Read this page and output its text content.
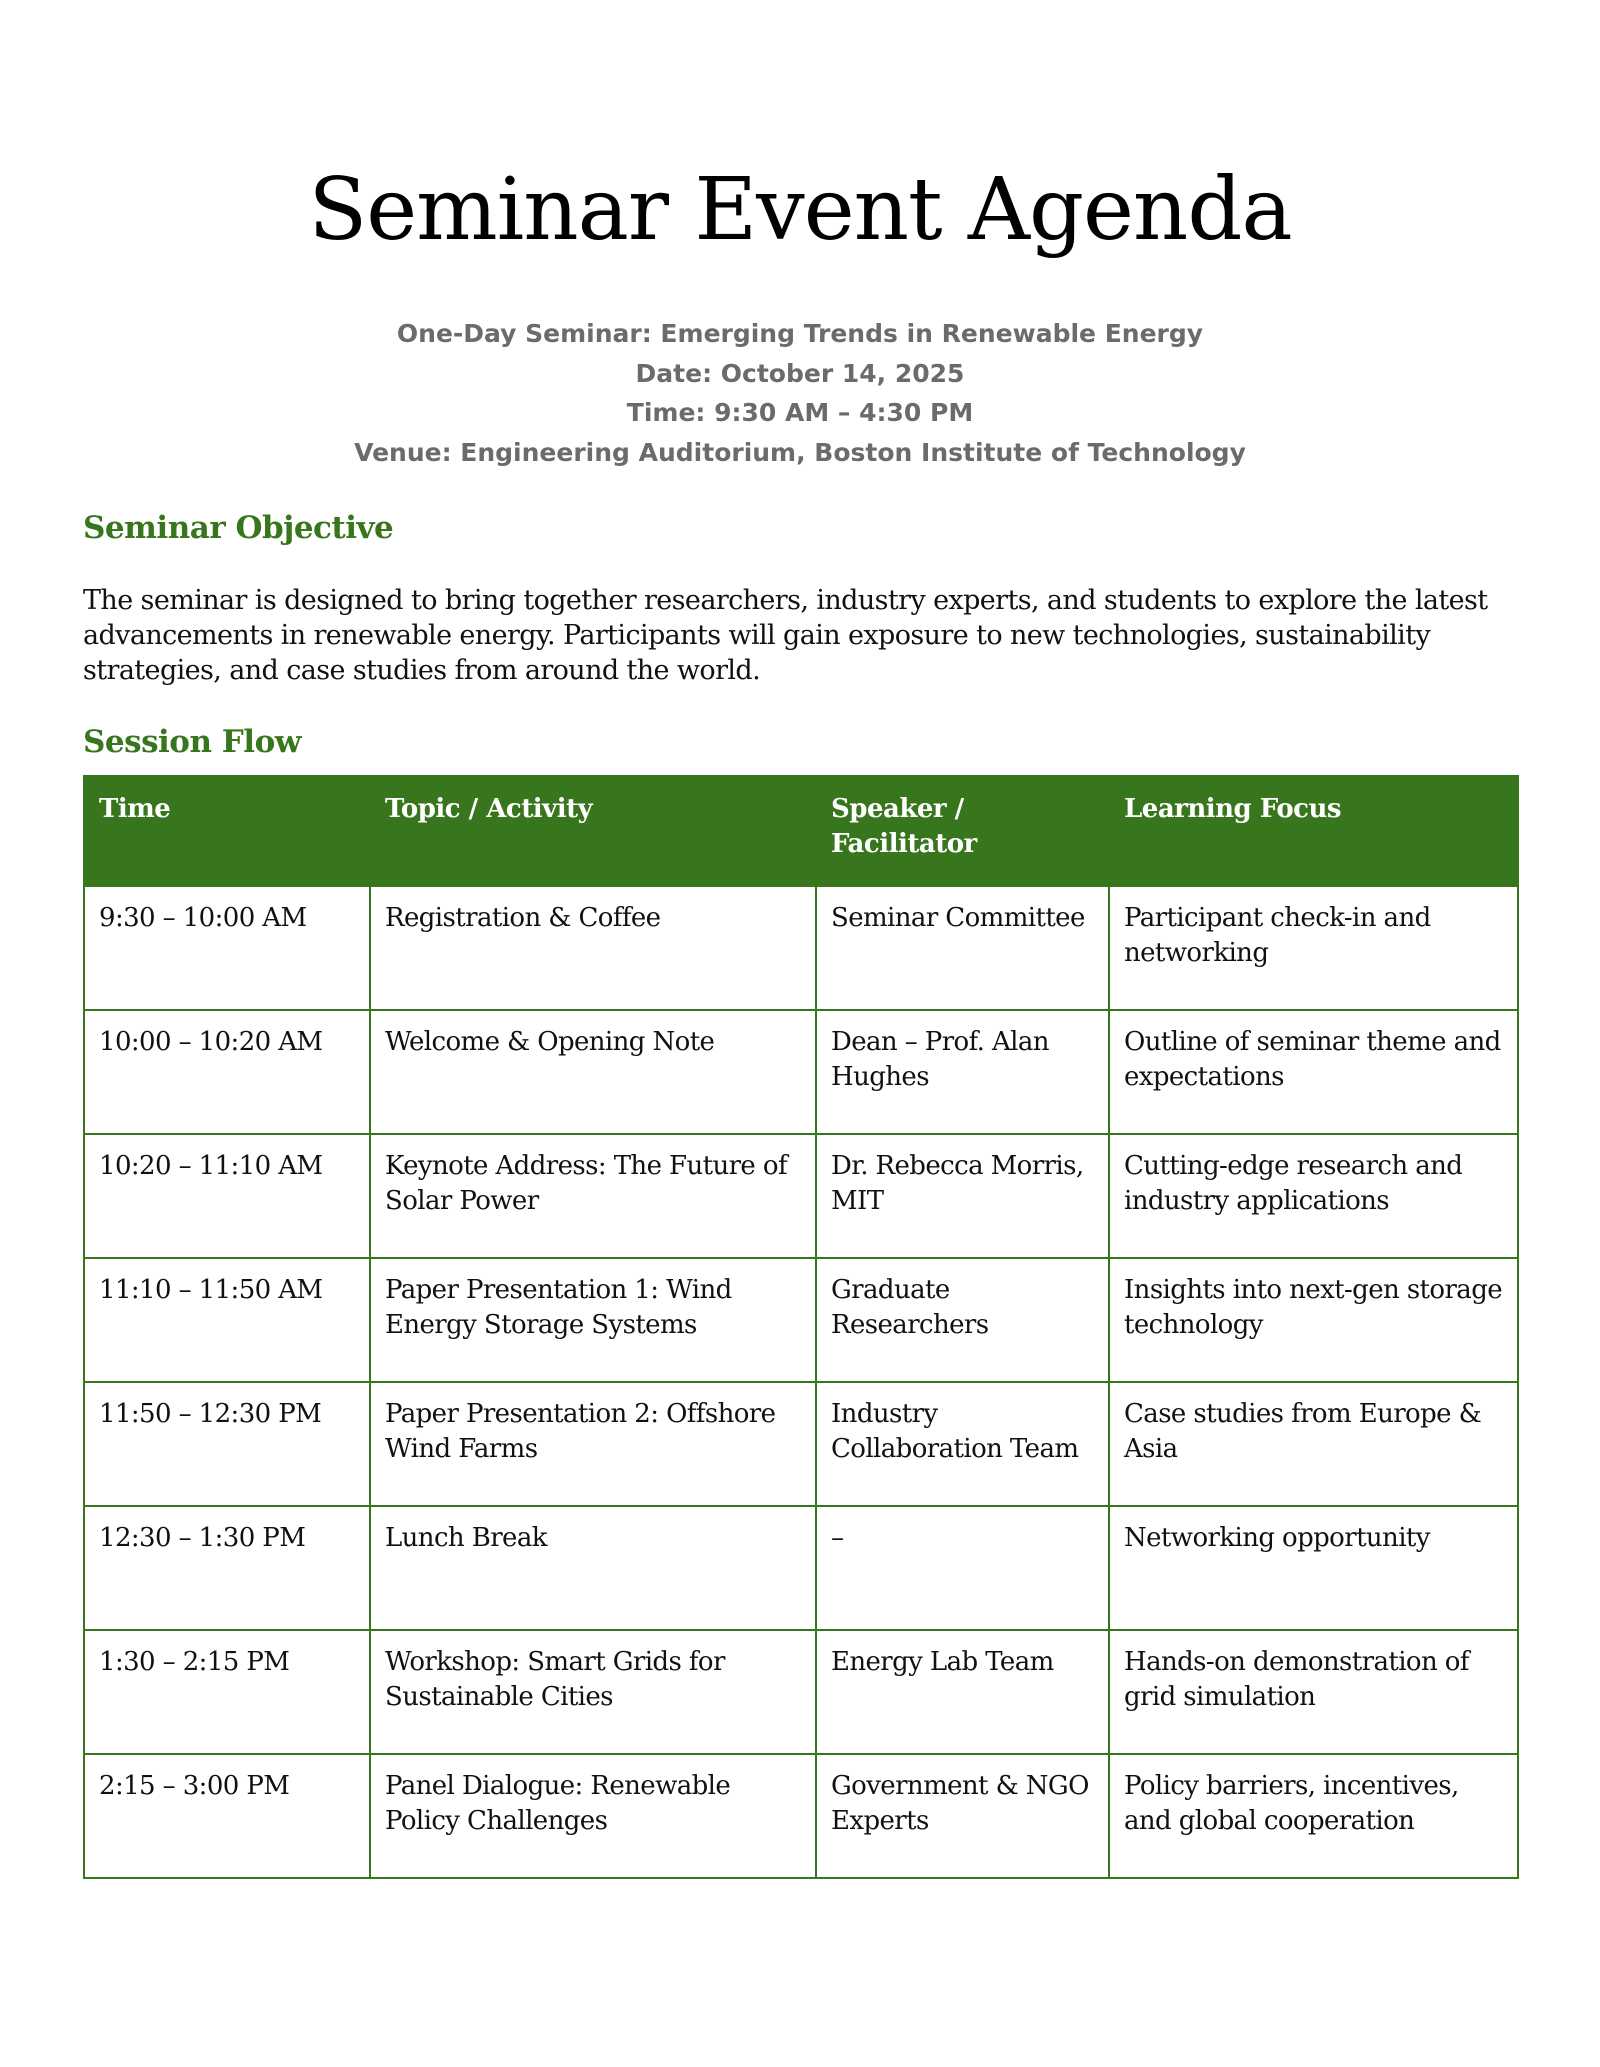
Seminar Event Agenda
One-Day Seminar: Emerging Trends in Renewable Energy
Date: October 14, 2025
Time: 9:30 AM – 4:30 PM
Venue: Engineering Auditorium, Boston Institute of Technology
Seminar Objective

The seminar is designed to bring together researchers, industry experts, and students to explore the latest advancements in renewable energy. Participants will gain exposure to new technologies, sustainability strategies, and case studies from around the world.

Session Flow
Time	Topic / Activity	Speaker / Facilitator	Learning Focus
9:30 – 10:00 AM	Registration & Coffee	Seminar Committee	Participant check-in and networking
10:00 – 10:20 AM	Welcome & Opening Note	Dean – Prof. Alan Hughes	Outline of seminar theme and expectations
10:20 – 11:10 AM	Keynote Address: The Future of Solar Power	Dr. Rebecca Morris, MIT	Cutting-edge research and industry applications
11:10 – 11:50 AM	Paper Presentation 1: Wind Energy Storage Systems	Graduate Researchers	Insights into next-gen storage technology
11:50 – 12:30 PM	Paper Presentation 2: Offshore Wind Farms	Industry Collaboration Team	Case studies from Europe & Asia
12:30 – 1:30 PM	Lunch Break	–	Networking opportunity
1:30 – 2:15 PM	Workshop: Smart Grids for Sustainable Cities	Energy Lab Team	Hands-on demonstration of grid simulation
2:15 – 3:00 PM	Panel Dialogue: Renewable Policy Challenges	Government & NGO Experts	Policy barriers, incentives, and global cooperation
